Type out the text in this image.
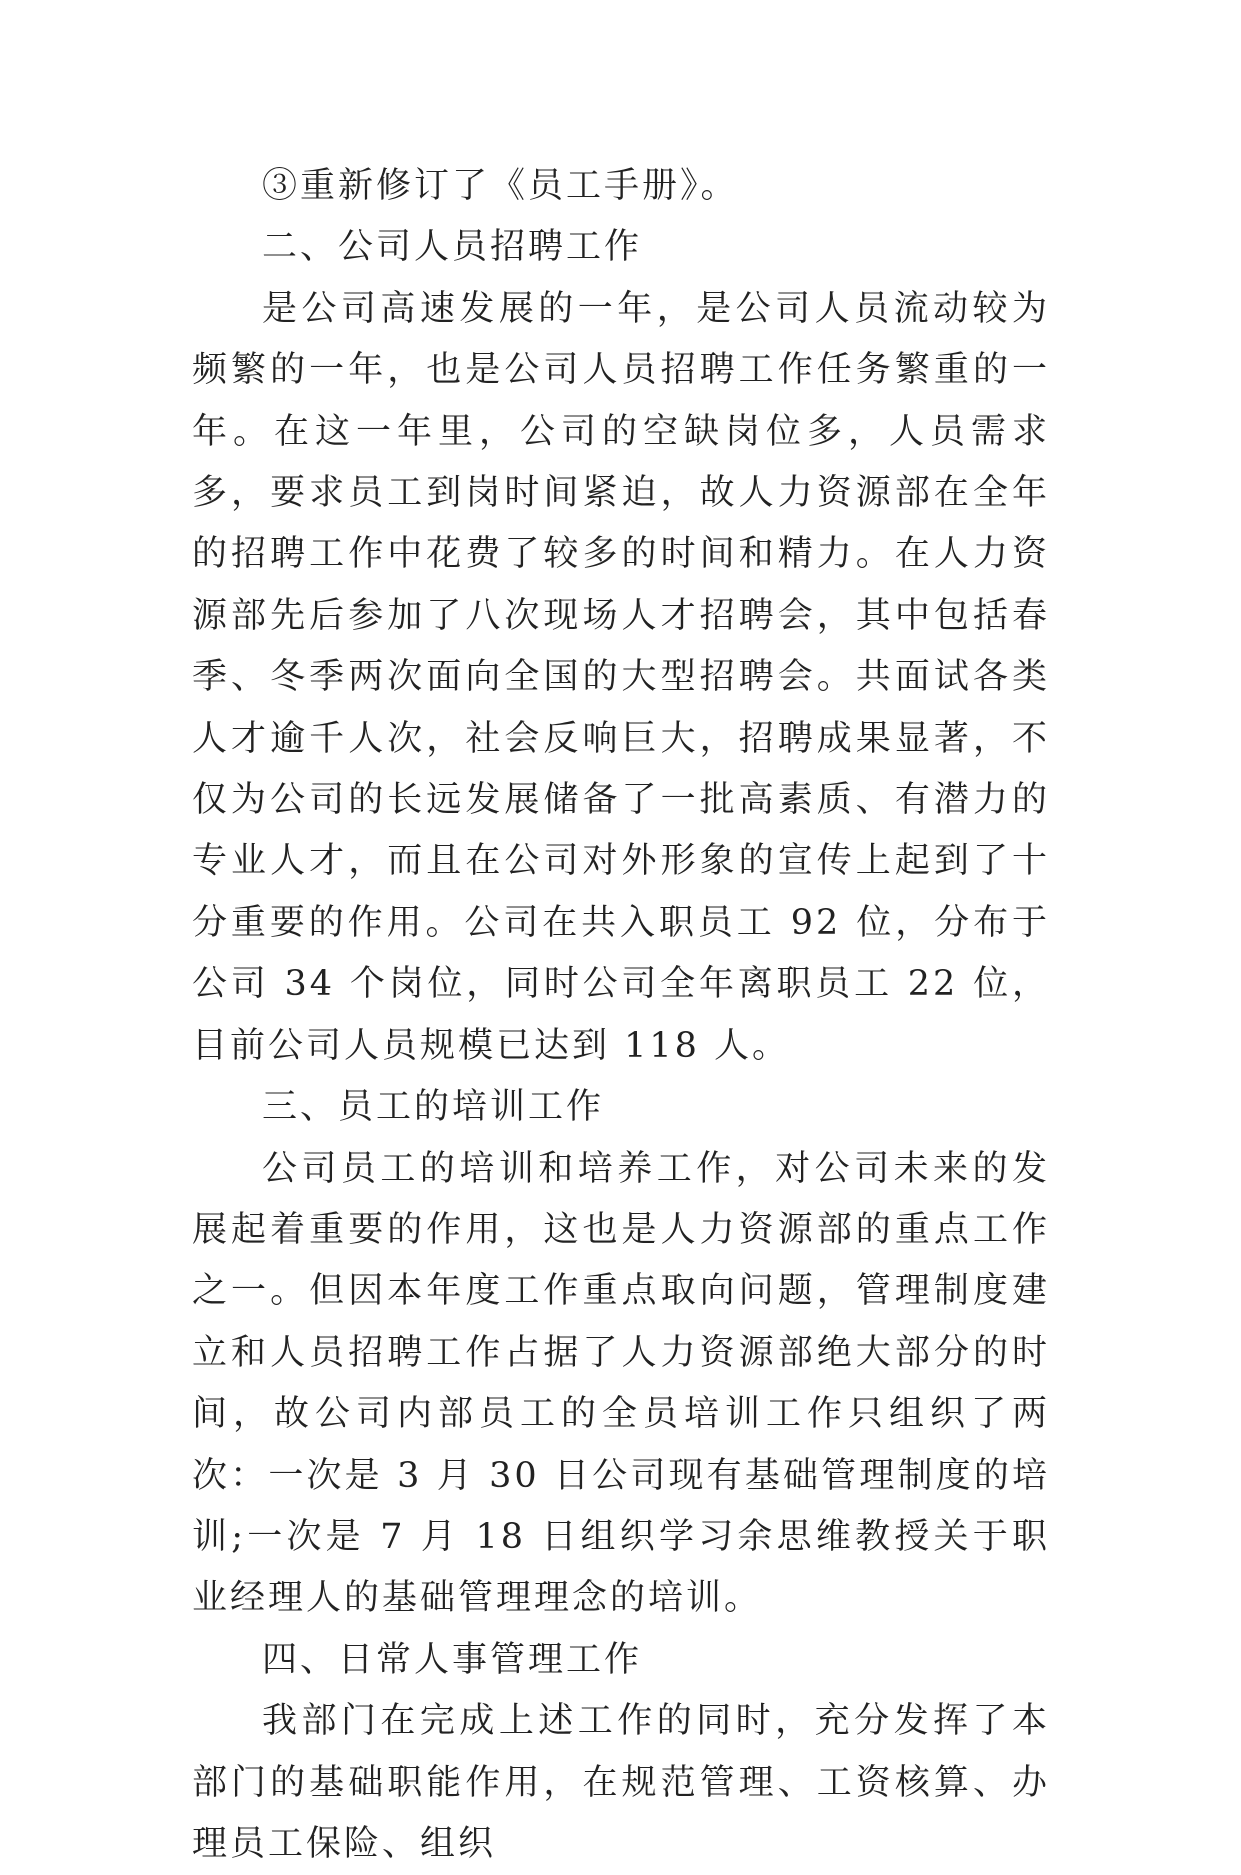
③重新修订了《员工手册》。

二、公司人员招聘工作

是公司高速发展的一年，是公司人员流动较为频繁的一年，也是公司人员招聘工作任务繁重的一年。在这一年里，公司的空缺岗位多，人员需求多，要求员工到岗时间紧迫，故人力资源部在全年的招聘工作中花费了较多的时间和精力。在人力资源部先后参加了八次现场人才招聘会，其中包括春季、冬季两次面向全国的大型招聘会。共面试各类人才逾千人次，社会反响巨大，招聘成果显著，不仅为公司的长远发展储备了一批高素质、有潜力的专业人才，而且在公司对外形象的宣传上起到了十分重要的作用。公司在共入职员工 92 位，分布于公司 34 个岗位，同时公司全年离职员工 22 位，目前公司人员规模已达到 118 人。

三、员工的培训工作

公司员工的培训和培养工作，对公司未来的发展起着重要的作用，这也是人力资源部的重点工作之一。但因本年度工作重点取向问题，管理制度建立和人员招聘工作占据了人力资源部绝大部分的时间，故公司内部员工的全员培训工作只组织了两次：一次是 3 月 30 日公司现有基础管理制度的培训;一次是 7 月 18 日组织学习余思维教授关于职业经理人的基础管理理念的培训。

四、日常人事管理工作

我部门在完成上述工作的同时，充分发挥了本部门的基础职能作用，在规范管理、工资核算、办理员工保险、组织
